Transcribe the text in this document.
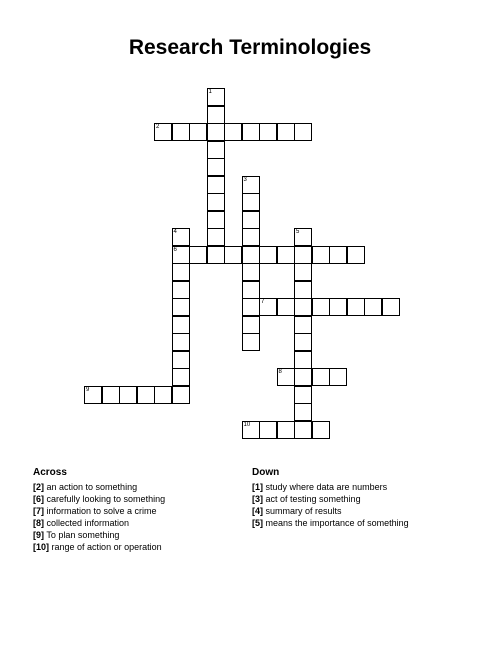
Research Terminologies
1
2
3
4
6
5
7
8
9
10
Across
[2] an action to something
[6] carefully looking to something
[7] information to solve a crime
[8] collected information
[9] To plan something
[10] range of action or operation
Down
[1] study where data are numbers
[3] act of testing something
[4] summary of results
[5] means the importance of something
